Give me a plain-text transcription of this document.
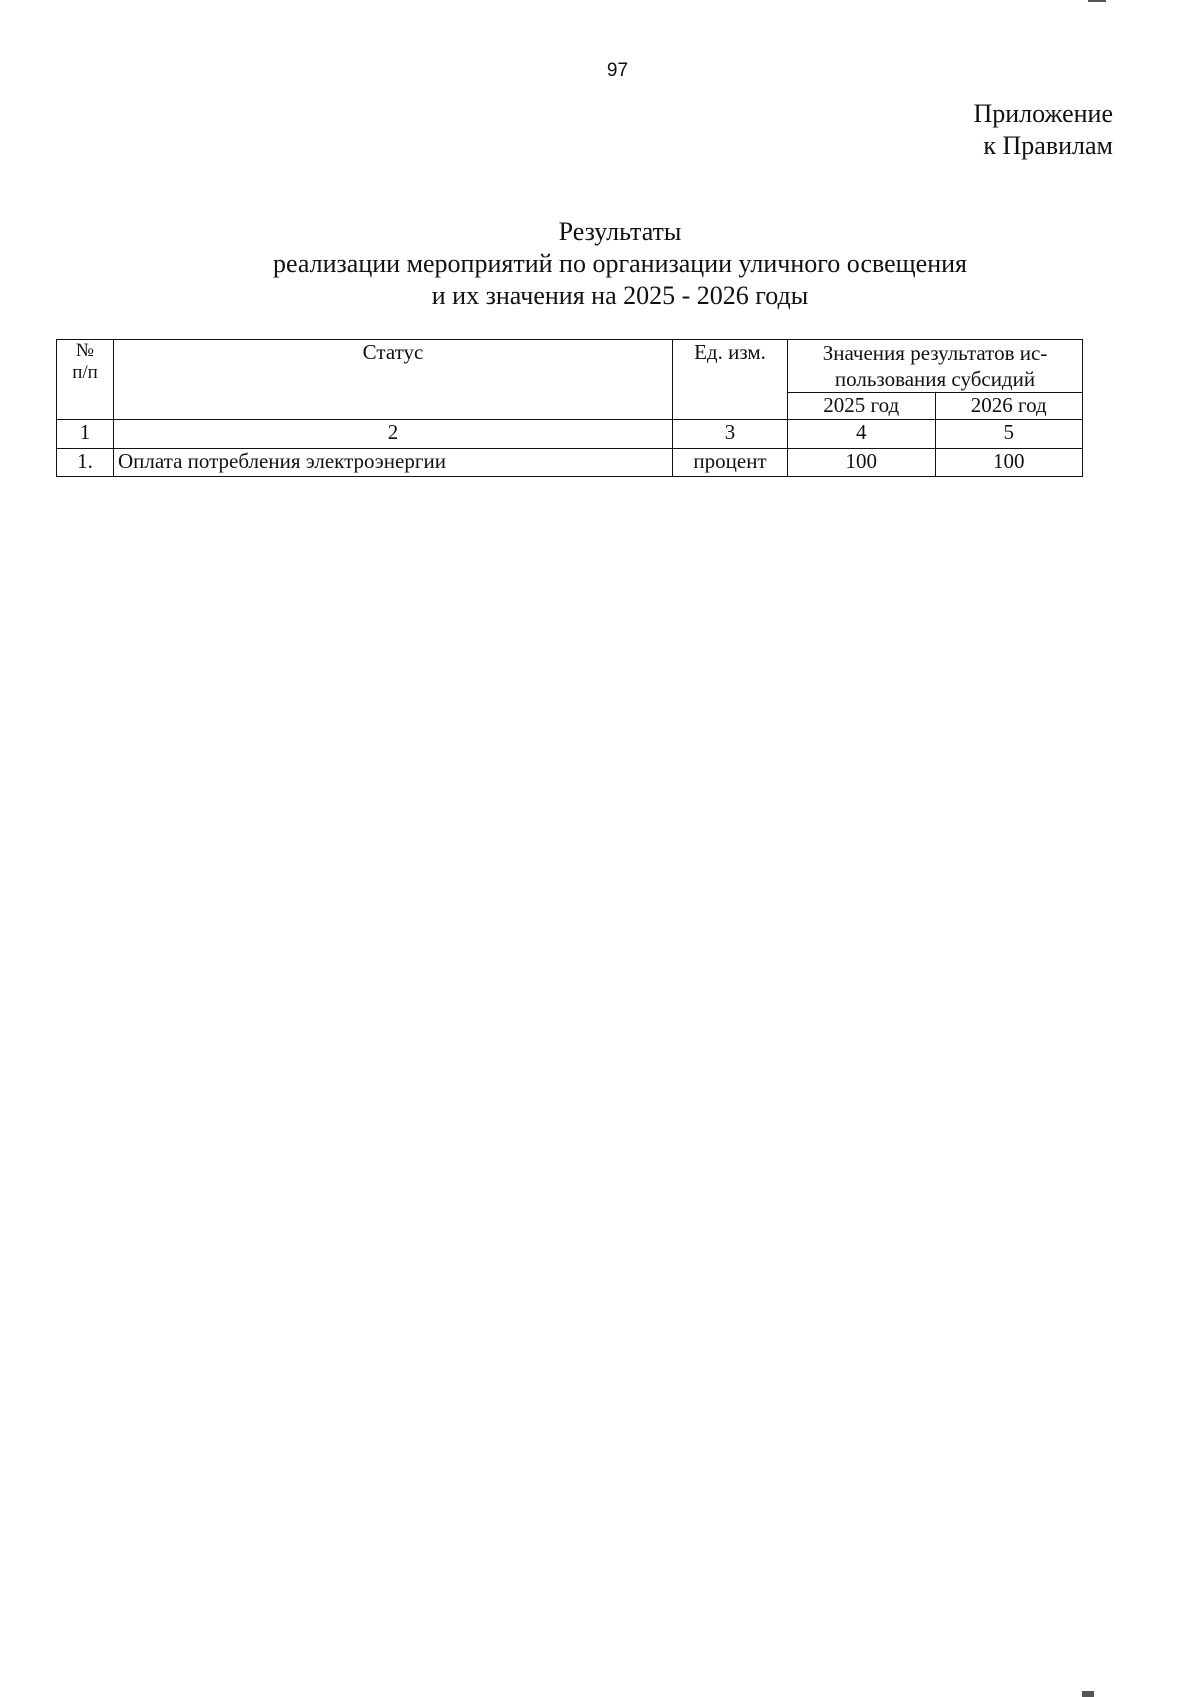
97
Приложение
к Правилам
Результаты
реализации мероприятий по организации уличного освещения
и их значения на 2025 - 2026 годы
№
п/п	Статус	Ед. изм.	Значения результатов ис-пользования субсидий	
			2025 год	2026 год
1	2	3	4	5
1.	Оплата потребления электроэнергии	процент	100	100
